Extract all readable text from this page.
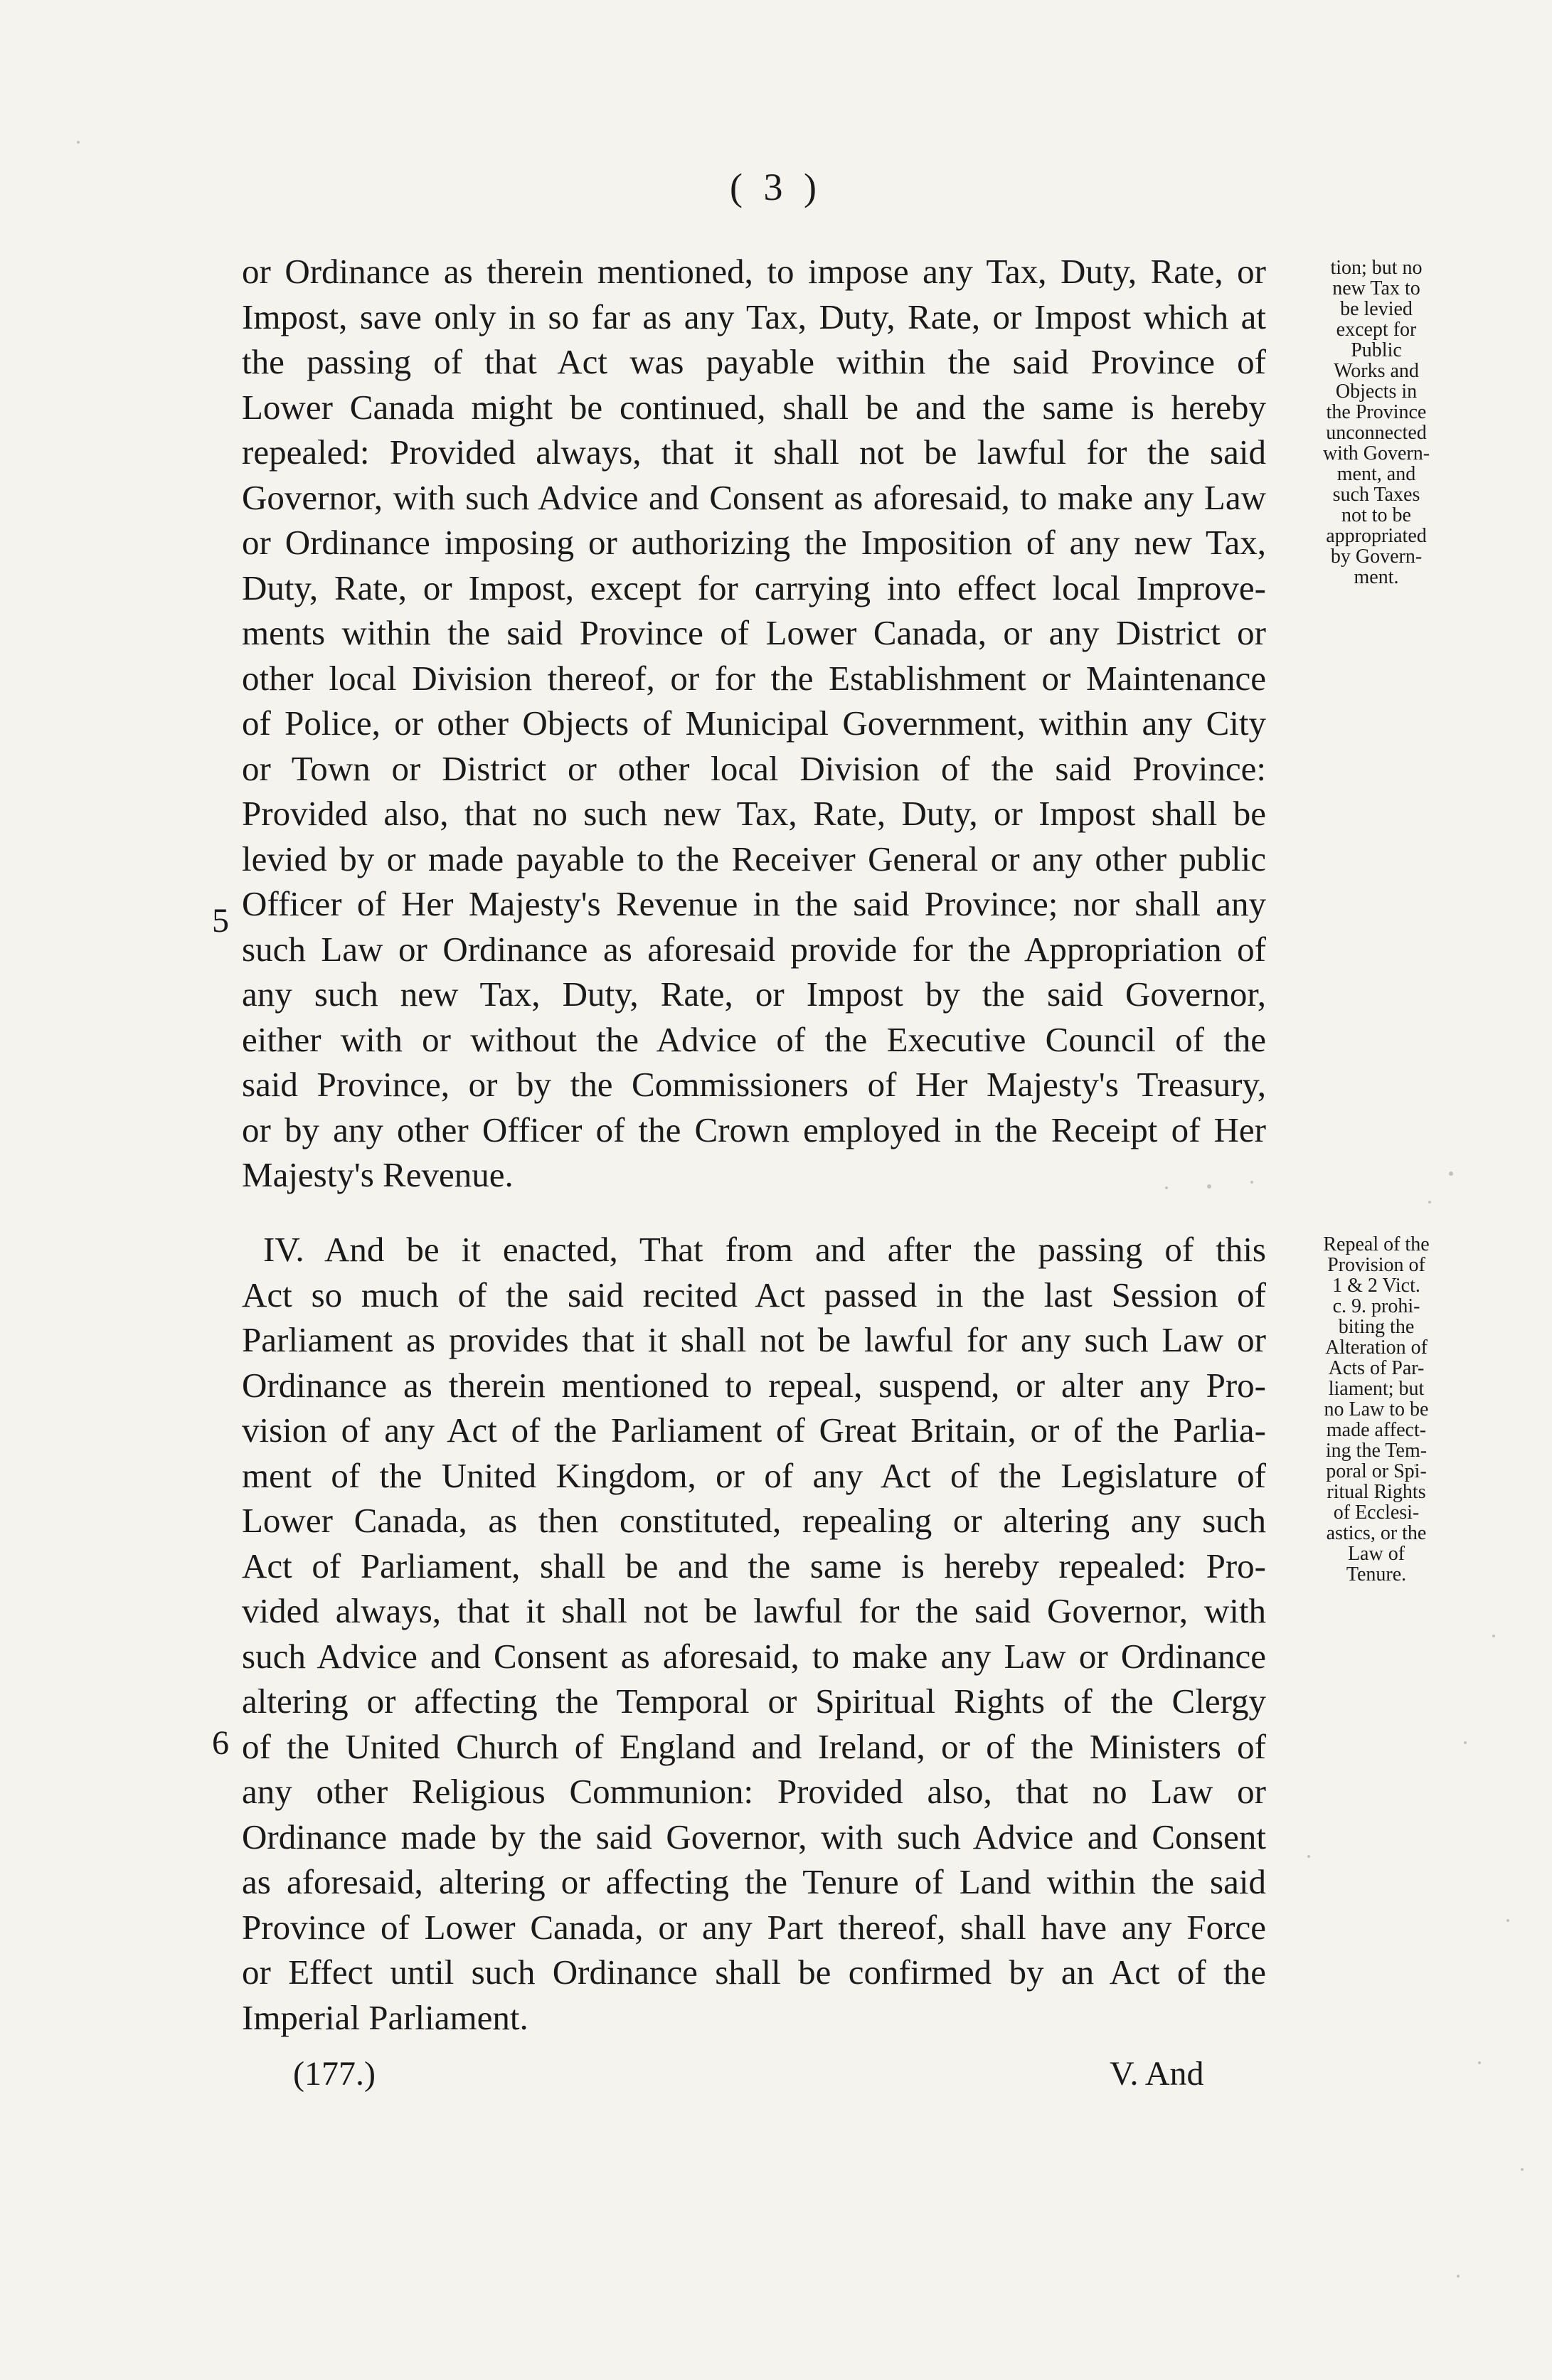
( 3 )
or Ordinance as therein mentioned, to impose any Tax, Duty, Rate, or
Impost, save only in so far as any Tax, Duty, Rate, or Impost which at
the passing of that Act was payable within the said Province of
Lower Canada might be continued, shall be and the same is hereby
repealed: Provided always, that it shall not be lawful for the said
Governor, with such Advice and Consent as aforesaid, to make any Law
or Ordinance imposing or authorizing the Imposition of any new Tax,
Duty, Rate, or Impost, except for carrying into effect local Improve-
ments within the said Province of Lower Canada, or any District or
other local Division thereof, or for the Establishment or Maintenance
of Police, or other Objects of Municipal Government, within any City
or Town or District or other local Division of the said Province:
Provided also, that no such new Tax, Rate, Duty, or Impost shall be
levied by or made payable to the Receiver General or any other public
Officer of Her Majesty's Revenue in the said Province; nor shall any
such Law or Ordinance as aforesaid provide for the Appropriation of
any such new Tax, Duty, Rate, or Impost by the said Governor,
either with or without the Advice of the Executive Council of the
said Province, or by the Commissioners of Her Majesty's Treasury,
or by any other Officer of the Crown employed in the Receipt of Her
Majesty's Revenue.
IV. And be it enacted, That from and after the passing of this
Act so much of the said recited Act passed in the last Session of
Parliament as provides that it shall not be lawful for any such Law or
Ordinance as therein mentioned to repeal, suspend, or alter any Pro-
vision of any Act of the Parliament of Great Britain, or of the Parlia-
ment of the United Kingdom, or of any Act of the Legislature of
Lower Canada, as then constituted, repealing or altering any such
Act of Parliament, shall be and the same is hereby repealed: Pro-
vided always, that it shall not be lawful for the said Governor, with
such Advice and Consent as aforesaid, to make any Law or Ordinance
altering or affecting the Temporal or Spiritual Rights of the Clergy
of the United Church of England and Ireland, or of the Ministers of
any other Religious Communion: Provided also, that no Law or
Ordinance made by the said Governor, with such Advice and Consent
as aforesaid, altering or affecting the Tenure of Land within the said
Province of Lower Canada, or any Part thereof, shall have any Force
or Effect until such Ordinance shall be confirmed by an Act of the
Imperial Parliament.
5
6
tion; but no
new Tax to
be levied
except for
Public
Works and
Objects in
the Province
unconnected
with Govern-
ment, and
such Taxes
not to be
appropriated
by Govern-
ment.
Repeal of the
Provision of
1 & 2 Vict.
c. 9. prohi-
biting the
Alteration of
Acts of Par-
liament; but
no Law to be
made affect-
ing the Tem-
poral or Spi-
ritual Rights
of Ecclesi-
astics, or the
Law of
Tenure.
(177.)	V. And
